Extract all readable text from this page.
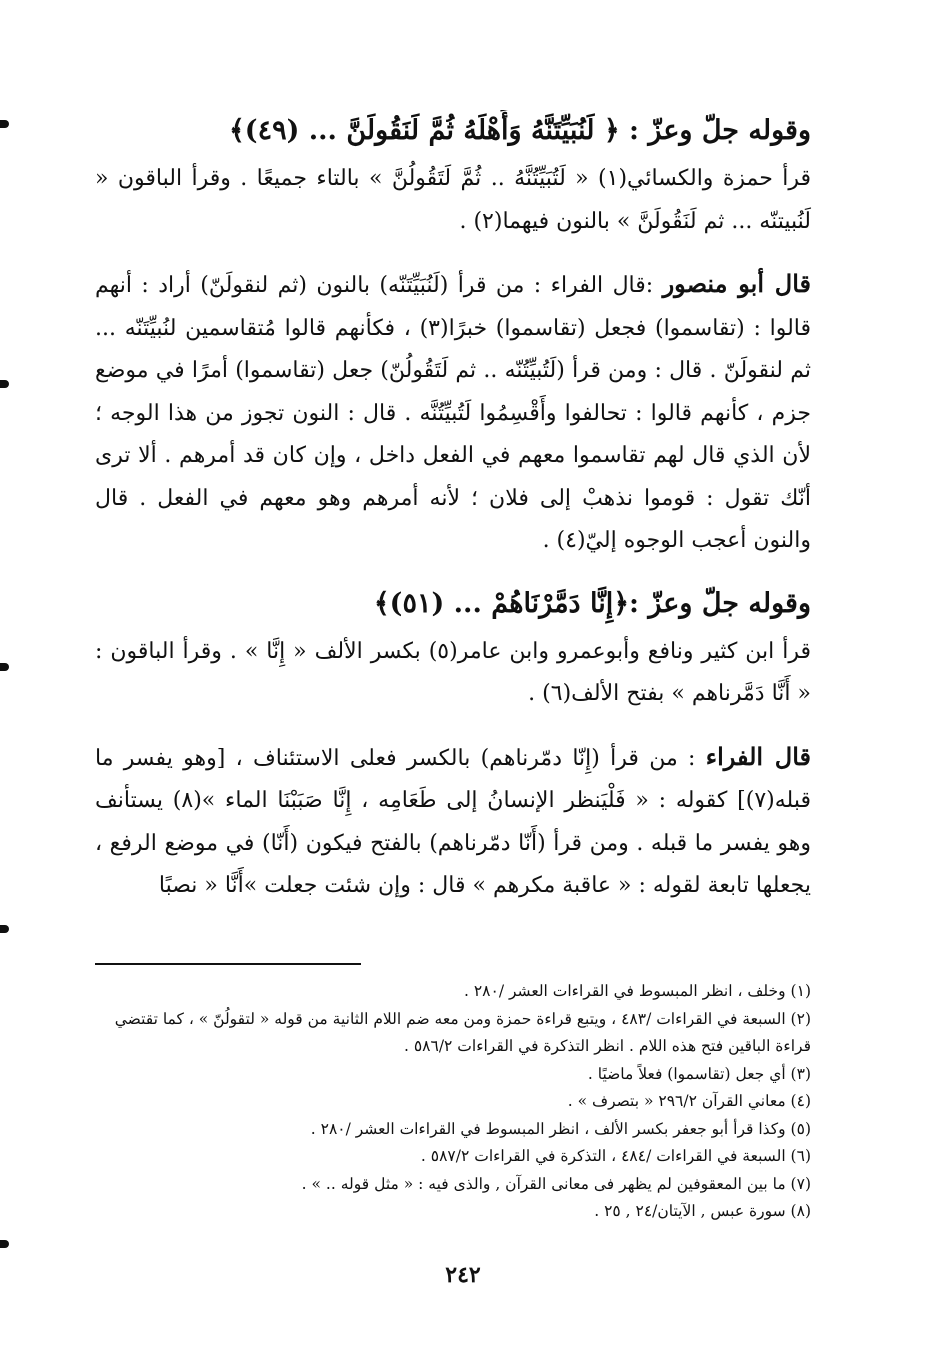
وقوله جلّ وعزّ : ﴿ لَنُبَيِّتَنَّهُ وَأَهْلَهُ ثُمَّ لَنَقُولَنَّ ... (٤٩)﴾

قرأ حمزة والكسائي(١) « لَتُبَيِّتُنَّهُ .. ثُمَّ لَتَقُولُنَّ » بالتاء جميعًا . وقرأ الباقون « لَنُبيتنّه ... ثم لَنَقُولَنَّ » بالنون فيهما(٢) .

قال أبو منصور :قال الفراء : من قرأ (لَنُبَيِّتَنّه) بالنون (ثم لنقولَنّ) أراد : أنهم قالوا : (تقاسموا) فجعل (تقاسموا) خبرًا(٣) ، فكأنهم قالوا مُتقاسمين لنُبيِّتَنّه ... ثم لنقولَنّ . قال : ومن قرأ (لَتُبيِّتُنّه .. ثم لَتَقُولُنّ) جعل (تقاسموا) أمرًا في موضع جزم ، كأنهم قالوا : تحالفوا وأَقْسِمُوا لَتُبيِّتُنَّه . قال : النون تجوز من هذا الوجه ؛ لأن الذي قال لهم تقاسموا معهم في الفعل داخل ، وإن كان قد أمرهم . ألا ترى أنّك تقول : قوموا نذهبْ إلى فلان ؛ لأنه أمرهم وهو معهم في الفعل . قال والنون أعجب الوجوه إليّ(٤) .

وقوله جلّ وعزّ :﴿إِنَّا دَمَّرْنَاهُمْ ... (٥١)﴾

قرأ ابن كثير ونافع وأبوعمرو وابن عامر(٥) بكسر الألف « إِنَّا » . وقرأ الباقون : « أَنَّا دَمَّرناهم » بفتح الألف(٦) .

قال الفراء : من قرأ (إِنّا دمّرناهم) بالكسر فعلى الاستئناف ، [وهو يفسر ما قبله(٧)] كقوله : « فَلْيَنظر الإنسانُ إلى طَعَامِه ، إِنَّا صَبَبْنَا الماء »(٨) يستأنف وهو يفسر ما قبله . ومن قرأ (أَنّا دمّرناهم) بالفتح فيكون (أَنّا) في موضع الرفع ، يجعلها تابعة لقوله : « عاقبة مكرهم » قال : وإن شئت جعلت »أَنَّا « نصبًا

(١) وخلف ، انظر المبسوط في القراءات العشر /٢٨٠ .

(٢) السبعة في القراءات /٤٨٣ ، ويتبع قراءة حمزة ومن معه ضم اللام الثانية من قوله « لتقولُنّ » ، كما تقتضي قراءة الباقين فتح هذه اللام . انظر التذكرة في القراءات ٥٨٦/٢ .

(٣) أي جعل (تقاسموا) فعلاً ماضيًا .

(٤) معاني القرآن ٢٩٦/٢ « بتصرف » .

(٥) وكذا قرأ أبو جعفر بكسر الألف ، انظر المبسوط في القراءات العشر /٢٨٠ .

(٦) السبعة في القراءات /٤٨٤ ، التذكرة في القراءات ٥٨٧/٢ .

(٧) ما بين المعقوفين لم يظهر فى معانى القرآن , والذى فيه : « مثل قوله .. » .

(٨) سورة عبس , الآيتان/٢٤ , ٢٥ .

٢٤٢
